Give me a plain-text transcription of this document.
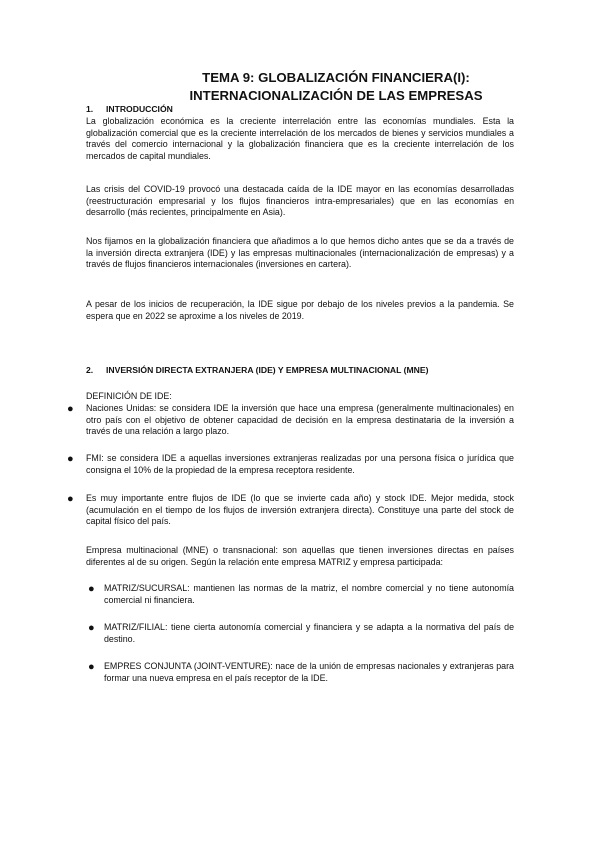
TEMA 9: GLOBALIZACIÓN FINANCIERA(I):
INTERNACIONALIZACIÓN DE LAS EMPRESAS
1. INTRODUCCIÓN

La globalización económica es la creciente interrelación entre las economías mundiales. Esta la globalización comercial que es la creciente interrelación de los mercados de bienes y servicios mundiales a través del comercio internacional y la globalización financiera que es la creciente interrelación de los mercados de capital mundiales.

Las crisis del COVID-19 provocó una destacada caída de la IDE mayor en las economías desarrolladas (reestructuración empresarial y los flujos financieros intra-empresariales) que en las economías en desarrollo (más recientes, principalmente en Asia).

Nos fijamos en la globalización financiera que añadimos a lo que hemos dicho antes que se da a través de la inversión directa extranjera (IDE) y las empresas multinacionales (internacionalización de empresas) y a través de flujos financieros internacionales (inversiones en cartera).

A pesar de los inicios de recuperación, la IDE sigue por debajo de los niveles previos a la pandemia. Se espera que en 2022 se aproxime a los niveles de 2019.

2. INVERSIÓN DIRECTA EXTRANJERA (IDE) Y EMPRESA MULTINACIONAL (MNE)

DEFINICIÓN DE IDE:

● Naciones Unidas: se considera IDE la inversión que hace una empresa (generalmente multinacionales) en otro país con el objetivo de obtener capacidad de decisión en la empresa destinataria de la inversión a través de una relación a largo plazo.

● FMI: se considera IDE a aquellas inversiones extranjeras realizadas por una persona física o jurídica que consigna el 10% de la propiedad de la empresa receptora residente.

● Es muy importante entre flujos de IDE (lo que se invierte cada año) y stock IDE. Mejor medida, stock (acumulación en el tiempo de los flujos de inversión extranjera directa). Constituye una parte del stock de capital físico del país.

Empresa multinacional (MNE) o transnacional: son aquellas que tienen inversiones directas en países diferentes al de su origen. Según la relación ente empresa MATRIZ y empresa participada:

● MATRIZ/SUCURSAL: mantienen las normas de la matriz, el nombre comercial y no tiene autonomía comercial ni financiera.

● MATRIZ/FILIAL: tiene cierta autonomía comercial y financiera y se adapta a la normativa del país de destino.

● EMPRES CONJUNTA (JOINT-VENTURE): nace de la unión de empresas nacionales y extranjeras para formar una nueva empresa en el país receptor de la IDE.
